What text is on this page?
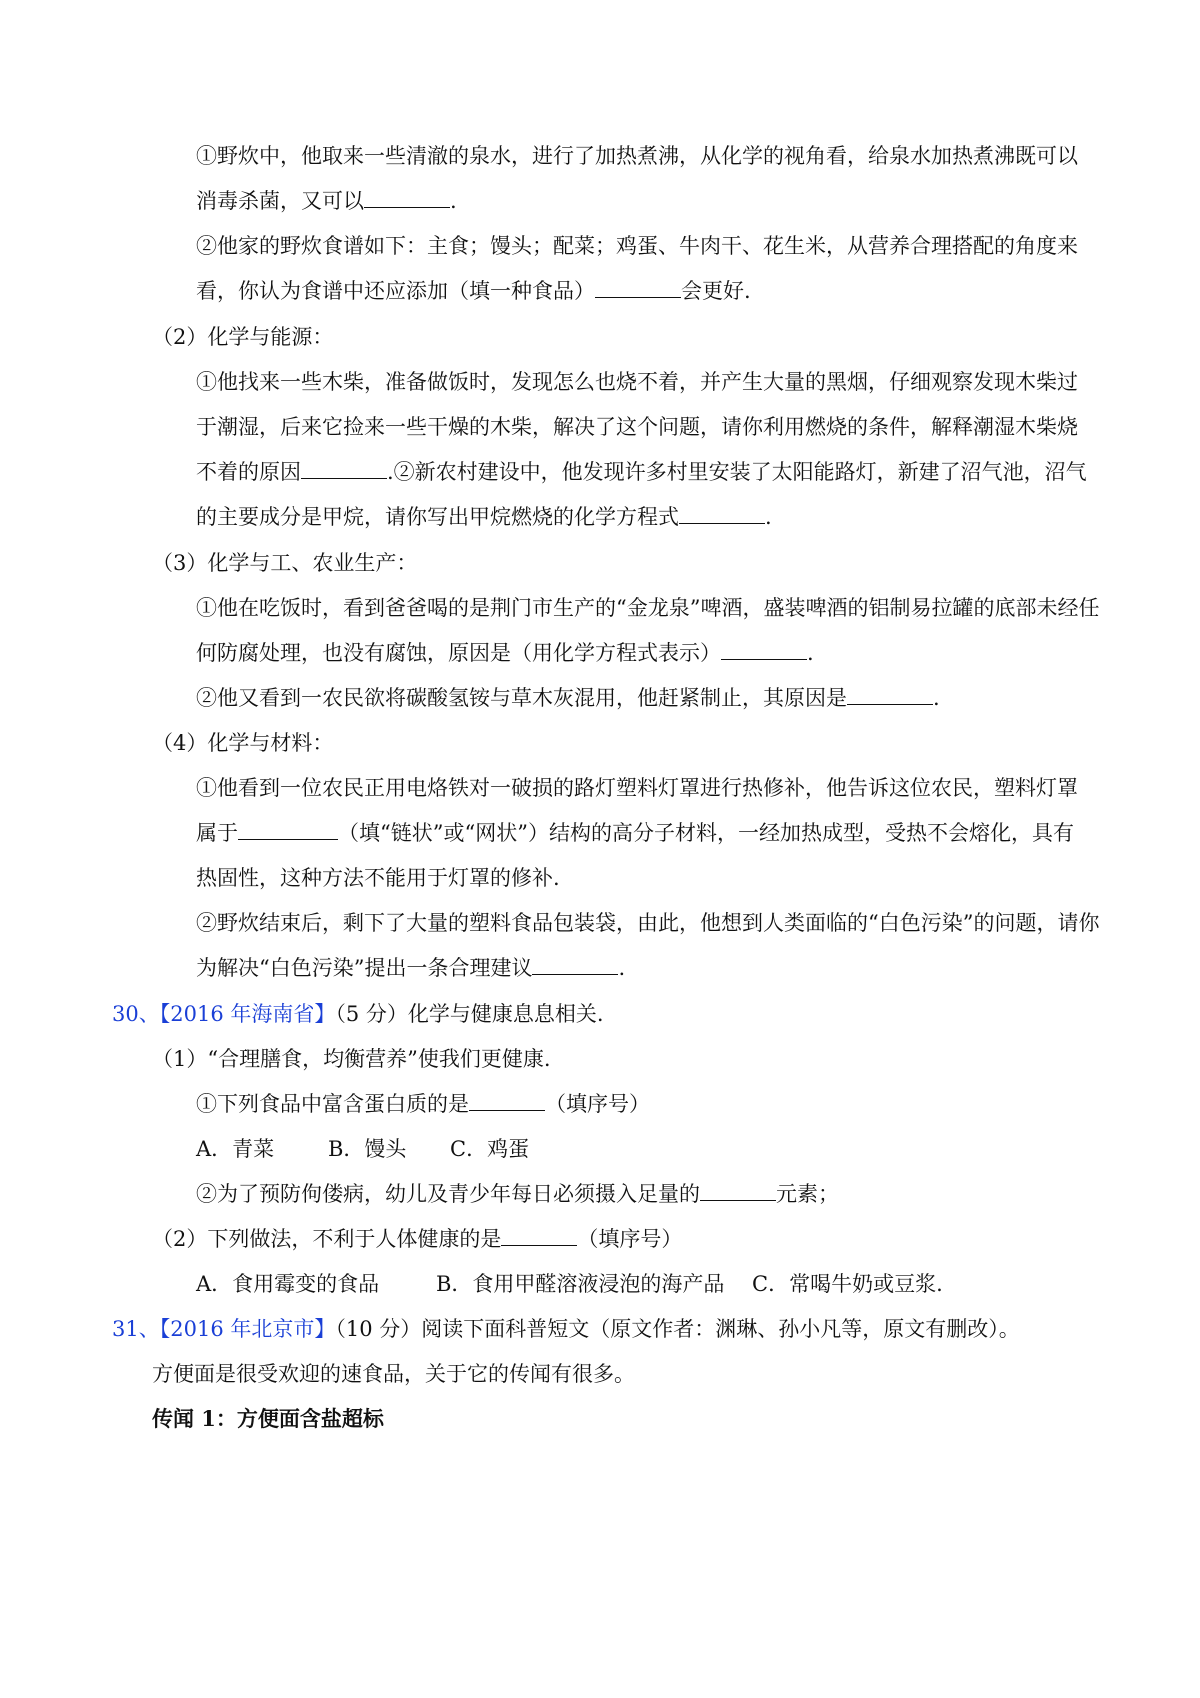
①野炊中，他取来一些清澈的泉水，进行了加热煮沸，从化学的视角看，给泉水加热煮沸既可以
消毒杀菌，又可以	.
②他家的野炊食谱如下：主食；馒头；配菜；鸡蛋、牛肉干、花生米，从营养合理搭配的角度来
看，你认为食谱中还应添加（填一种食品）	会更好.
（2）化学与能源：
①他找来一些木柴，准备做饭时，发现怎么也烧不着，并产生大量的黑烟，仔细观察发现木柴过
于潮湿，后来它捡来一些干燥的木柴，解决了这个问题，请你利用燃烧的条件，解释潮湿木柴烧
不着的原因	.②新农村建设中，他发现许多村里安装了太阳能路灯，新建了沼气池，沼气
的主要成分是甲烷，请你写出甲烷燃烧的化学方程式	.
（3）化学与工、农业生产：
①他在吃饭时，看到爸爸喝的是荆门市生产的“金龙泉”啤酒，盛装啤酒的铝制易拉罐的底部未经任
何防腐处理，也没有腐蚀，原因是（用化学方程式表示）	.
②他又看到一农民欲将碳酸氢铵与草木灰混用，他赶紧制止，其原因是	.
（4）化学与材料：
①他看到一位农民正用电烙铁对一破损的路灯塑料灯罩进行热修补，他告诉这位农民，塑料灯罩
属于	（填“链状”或“网状”）结构的高分子材料，一经加热成型，受热不会熔化，具有
热固性，这种方法不能用于灯罩的修补.
②野炊结束后，剩下了大量的塑料食品包装袋，由此，他想到人类面临的“白色污染”的问题，请你
为解决“白色污染”提出一条合理建议	.
30、【2016 年海南省】（5 分）化学与健康息息相关.
（1）“合理膳食，均衡营养”使我们更健康.
①下列食品中富含蛋白质的是	（填序号）
A．青菜	B．馒头 C．鸡蛋
②为了预防佝偻病，幼儿及青少年每日必须摄入足量的	元素；
（2）下列做法，不利于人体健康的是	（填序号）
A．食用霉变的食品	B．食用甲醛溶液浸泡的海产品 C．常喝牛奶或豆浆.
31、【2016 年北京市】（10 分）阅读下面科普短文（原文作者：渊琳、孙小凡等，原文有删改）。
方便面是很受欢迎的速食品，关于它的传闻有很多。
传闻 1：方便面含盐超标
